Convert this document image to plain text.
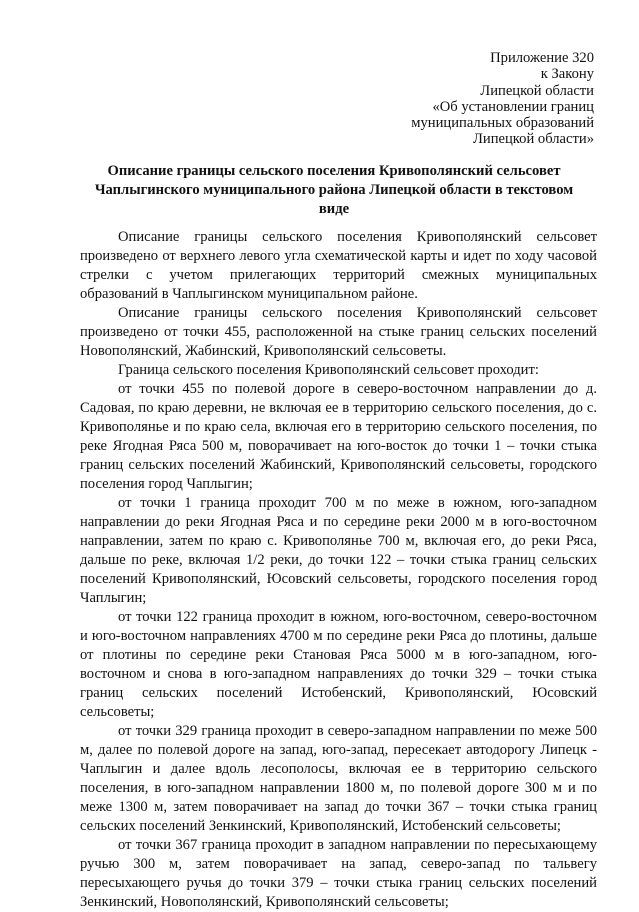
Приложение 320
к Закону
Липецкой области
«Об установлении границ
муниципальных образований
Липецкой области»
Описание границы сельского поселения Кривополянский сельсовет Чаплыгинского муниципального района Липецкой области в текстовом виде

Описание границы сельского поселения Кривополянский сельсовет произведено от верхнего левого угла схематической карты и идет по ходу часовой стрелки с учетом прилегающих территорий смежных муниципальных образований в Чаплыгинском муниципальном районе.

Описание границы сельского поселения Кривополянский сельсовет произведено от точки 455, расположенной на стыке границ сельских поселений Новополянский, Жабинский, Кривополянский сельсоветы.

Граница сельского поселения Кривополянский сельсовет проходит:

от точки 455 по полевой дороге в северо-восточном направлении до д. Садовая, по краю деревни, не включая ее в территорию сельского поселения, до с. Кривополянье и по краю села, включая его в территорию сельского поселения, по реке Ягодная Ряса 500 м, поворачивает на юго-восток до точки 1 – точки стыка границ сельских поселений Жабинский, Кривополянский сельсоветы, городского поселения город Чаплыгин;

от точки 1 граница проходит 700 м по меже в южном, юго-западном направлении до реки Ягодная Ряса и по середине реки 2000 м в юго-восточном направлении, затем по краю с. Кривополянье 700 м, включая его, до реки Ряса, дальше по реке, включая 1/2 реки, до точки 122 – точки стыка границ сельских поселений Кривополянский, Юсовский сельсоветы, городского поселения город Чаплыгин;

от точки 122 граница проходит в южном, юго-восточном, северо-восточном и юго-восточном направлениях 4700 м по середине реки Ряса до плотины, дальше от плотины по середине реки Становая Ряса 5000 м в юго-западном, юго-восточном и снова в юго-западном направлениях до точки 329 – точки стыка границ сельских поселений Истобенский, Кривополянский, Юсовский сельсоветы;

от точки 329 граница проходит в северо-западном направлении по меже 500 м, далее по полевой дороге на запад, юго-запад, пересекает автодорогу Липецк - Чаплыгин и далее вдоль лесополосы, включая ее в территорию сельского поселения, в юго-западном направлении 1800 м, по полевой дороге 300 м и по меже 1300 м, затем поворачивает на запад до точки 367 – точки стыка границ сельских поселений Зенкинский, Кривополянский, Истобенский сельсоветы;

от точки 367 граница проходит в западном направлении по пересыхающему ручью 300 м, затем поворачивает на запад, северо-запад по тальвегу пересыхающего ручья до точки 379 – точки стыка границ сельских поселений Зенкинский, Новополянский, Кривополянский сельсоветы;
